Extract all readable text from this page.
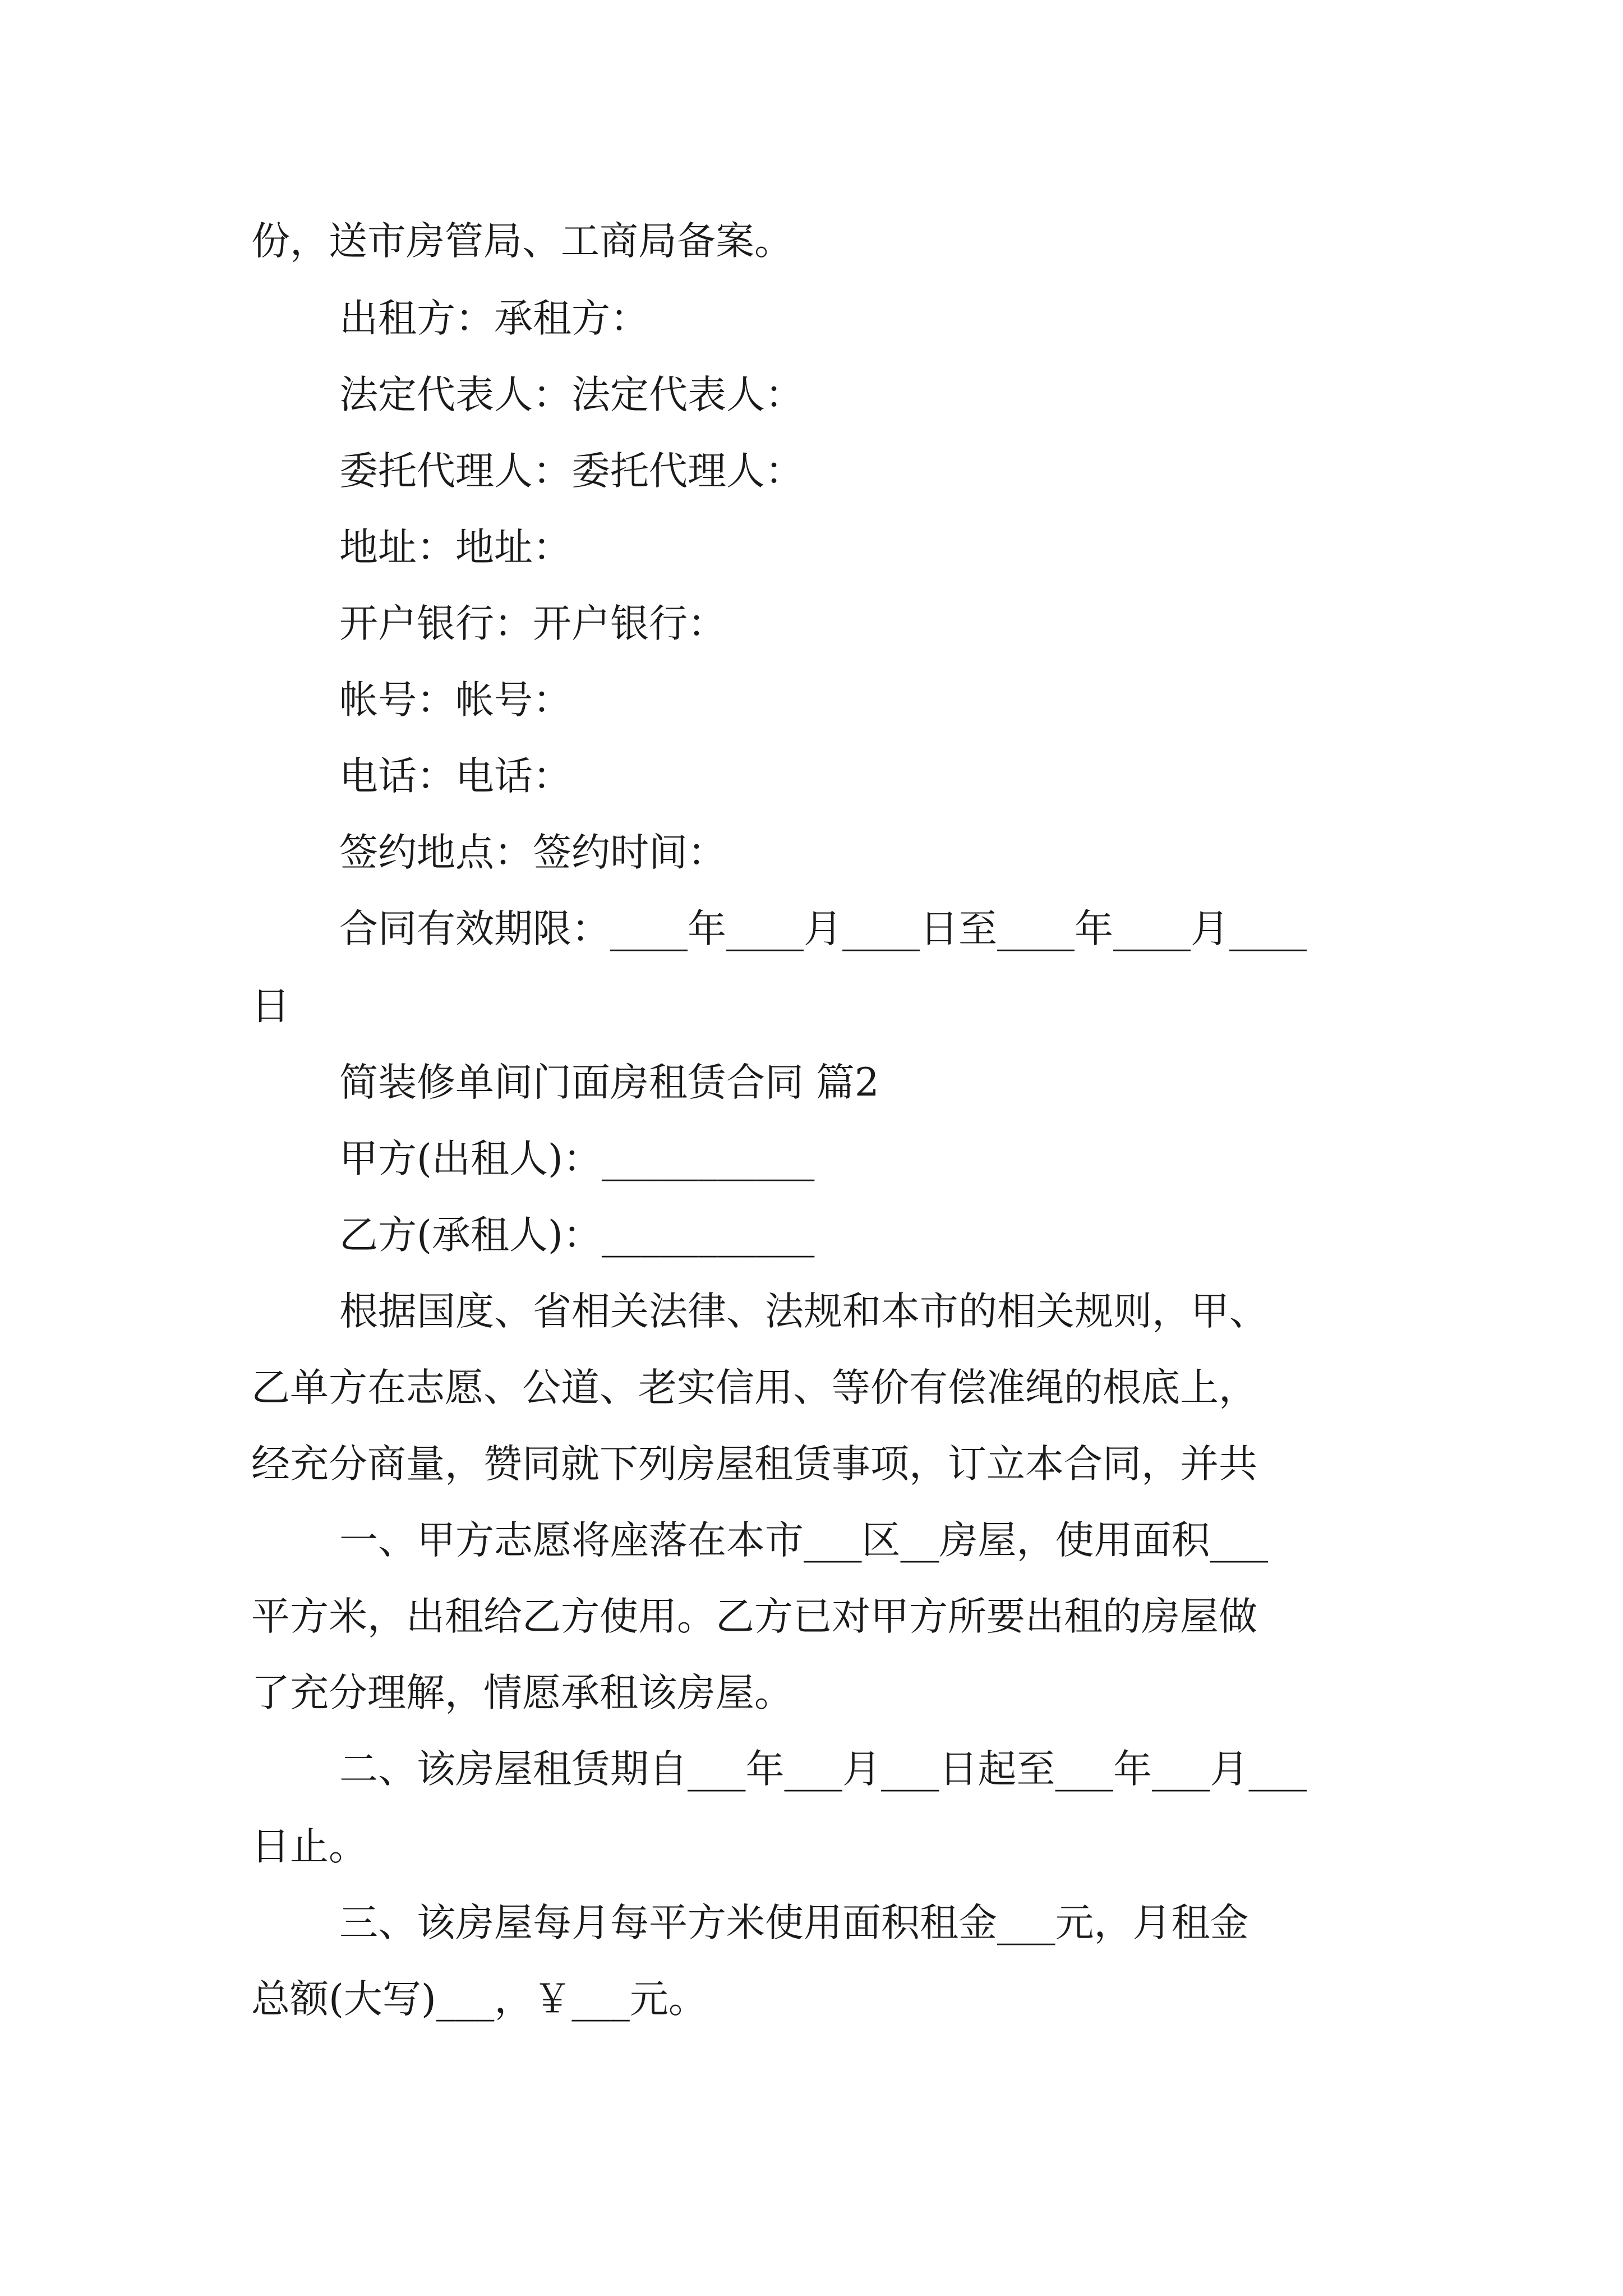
份，送市房管局、工商局备案。
出租方：承租方：
法定代表人：法定代表人：
委托代理人：委托代理人：
地址：地址：
开户银行：开户银行：
帐号：帐号：
电话：电话：
签约地点：签约时间：
合同有效期限：____年____月____日至____年____月____
日
简装修单间门面房租赁合同 篇2
甲方(出租人)：___________
乙方(承租人)：___________
根据国度、省相关法律、法规和本市的相关规则，甲、
乙单方在志愿、公道、老实信用、等价有偿准绳的根底上，
经充分商量，赞同就下列房屋租赁事项，订立本合同，并共
一、甲方志愿将座落在本市___区__房屋，使用面积___
平方米，出租给乙方使用。乙方已对甲方所要出租的房屋做
了充分理解，情愿承租该房屋。
二、该房屋租赁期自___年___月___日起至___年___月___
日止。
三、该房屋每月每平方米使用面积租金___元，月租金
总额(大写)___，￥___元。
